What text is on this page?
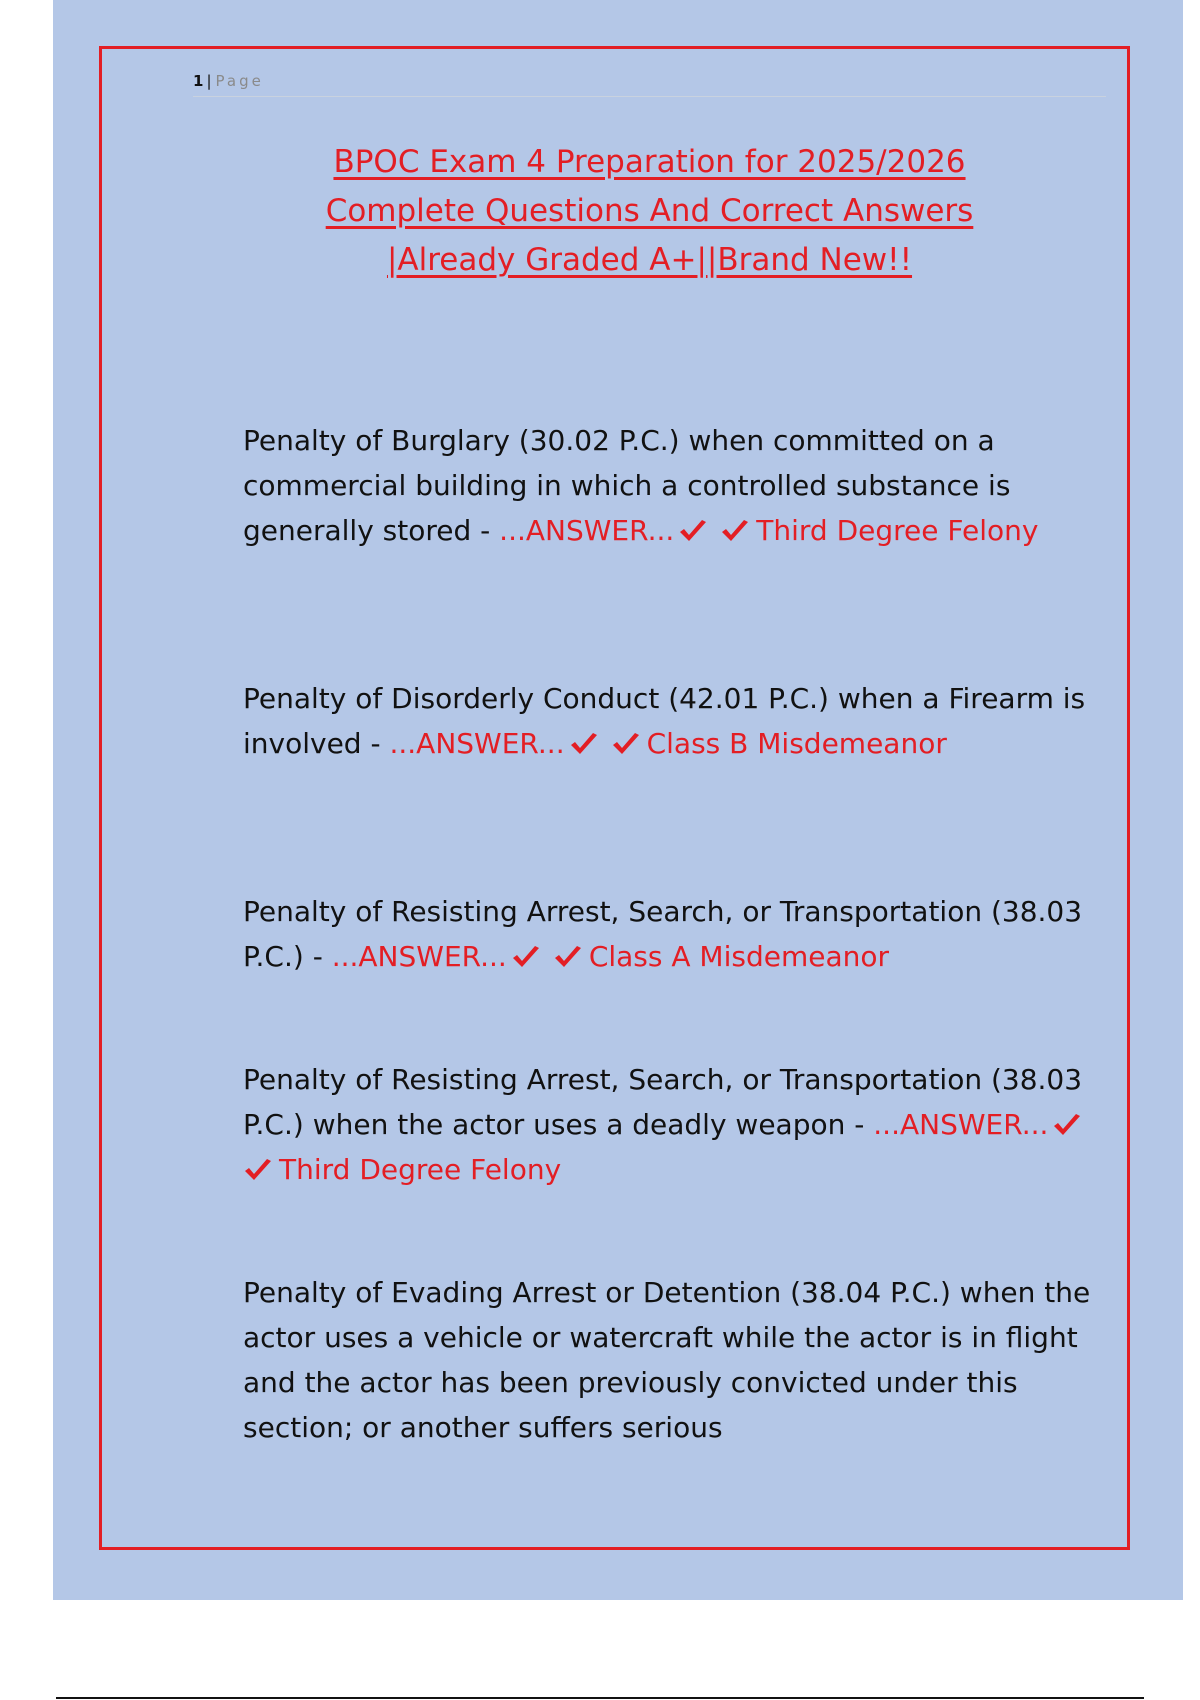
1 | Page
BPOC Exam 4 Preparation for 2025/2026
Complete Questions And Correct Answers
|Already Graded A+||Brand New!!
Penalty of Burglary (30.02 P.C.) when committed on a commercial building in which a controlled substance is generally stored - ...ANSWER...	Third Degree Felony
Penalty of Disorderly Conduct (42.01 P.C.) when a Firearm is involved - ...ANSWER...	Class B Misdemeanor
Penalty of Resisting Arrest, Search, or Transportation (38.03 P.C.) - ...ANSWER...	Class A Misdemeanor
Penalty of Resisting Arrest, Search, or Transportation (38.03 P.C.) when the actor uses a deadly weapon - ...ANSWER...Third Degree Felony
Penalty of Evading Arrest or Detention (38.04 P.C.) when the actor uses a vehicle or watercraft while the actor is in flight and the actor has been previously convicted under this section; or another suffers serious
